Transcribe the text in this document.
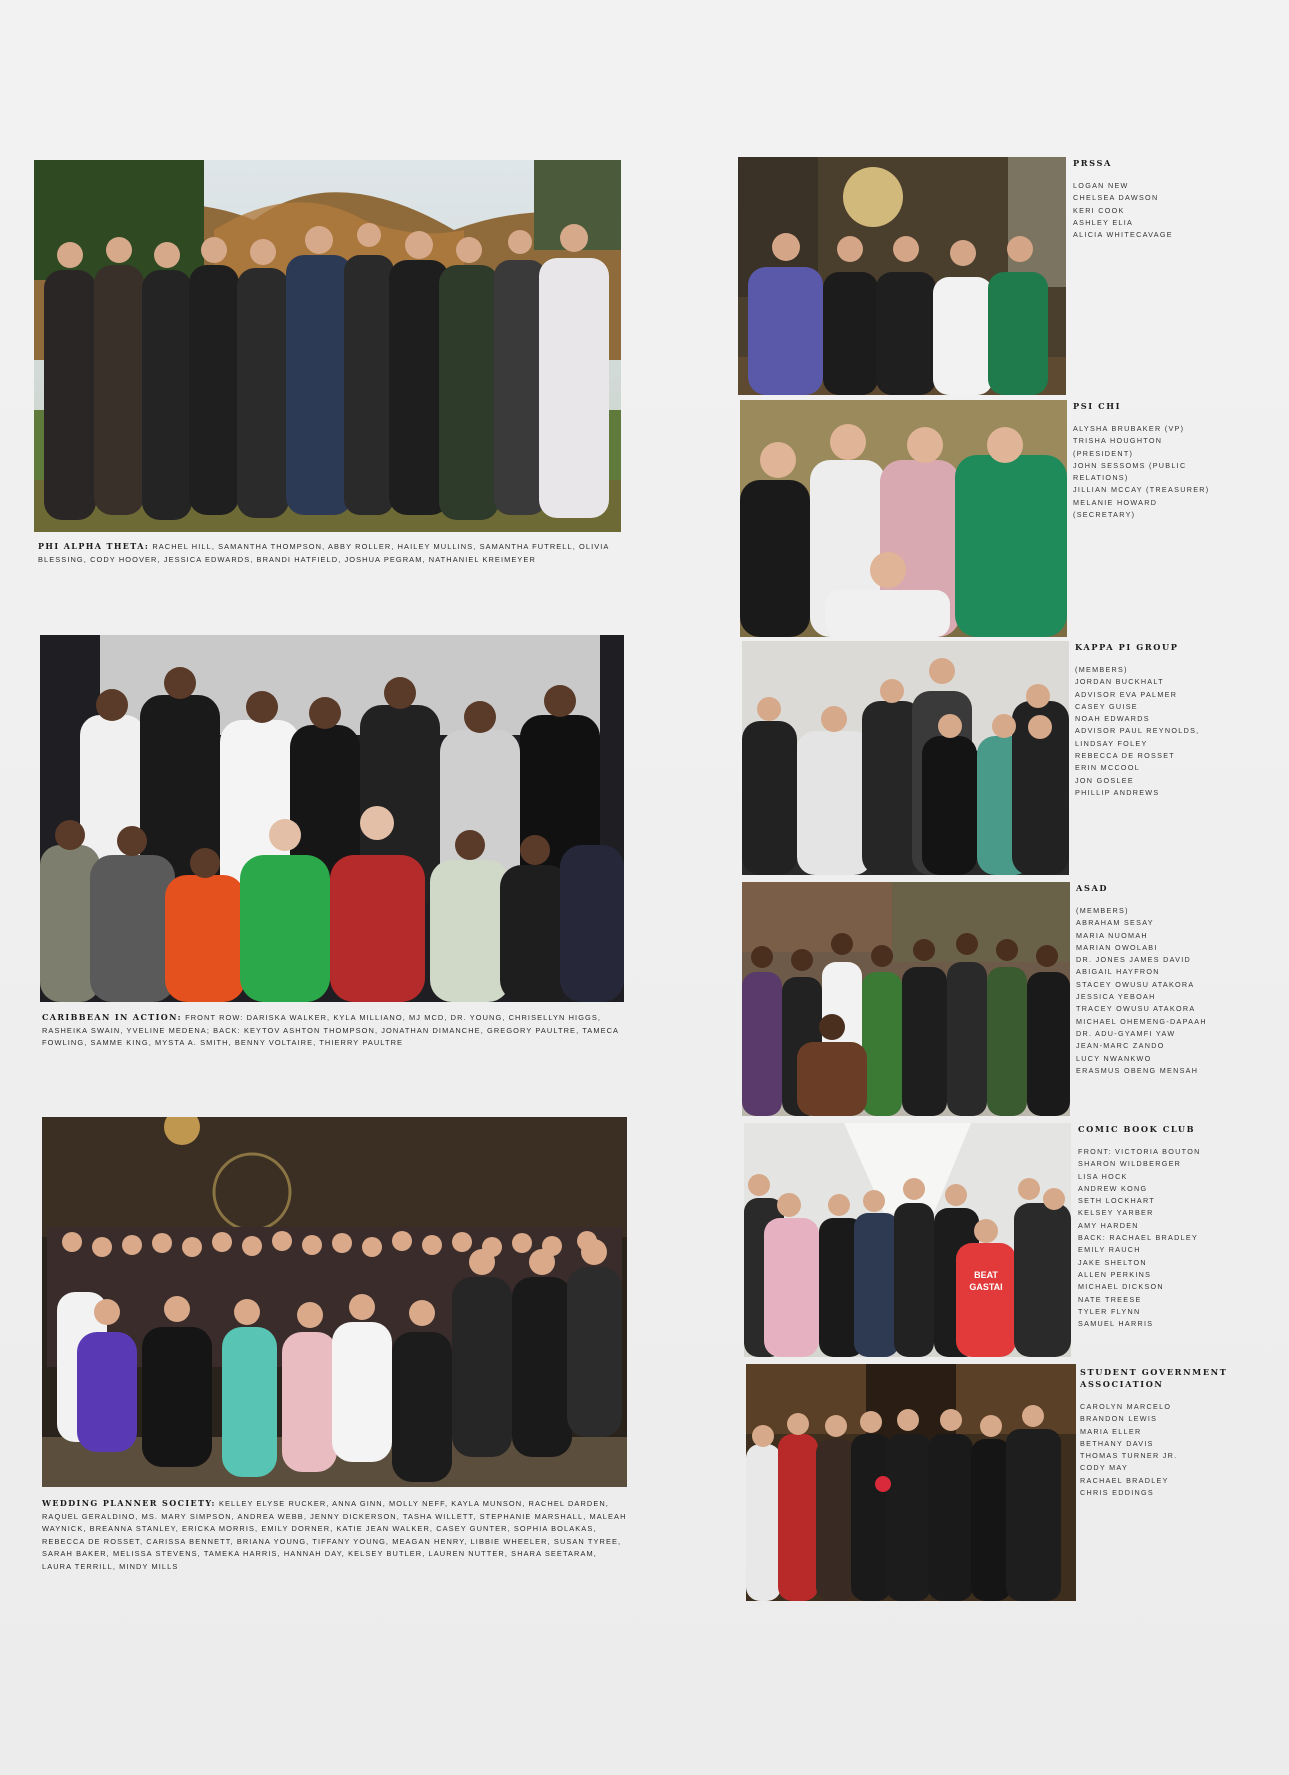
PHI ALPHA THETA: RACHEL HILL, SAMANTHA THOMPSON, ABBY ROLLER, HAILEY MULLINS, SAMANTHA FUTRELL, OLIVIA BLESSING, CODY HOOVER, JESSICA EDWARDS, BRANDI HATFIELD, JOSHUA PEGRAM, NATHANIEL KREIMEYER
CARIBBEAN IN ACTION: FRONT ROW: DARISKA WALKER, KYLA MILLIANO, MJ MCD, DR. YOUNG, CHRISELLYN HIGGS, RASHEIKA SWAIN, YVELINE MEDENA; BACK: KEYTOV ASHTON THOMPSON, JONATHAN DIMANCHE, GREGORY PAULTRE, TAMECA FOWLING, SAMME KING, MYSTA A. SMITH, BENNY VOLTAIRE, THIERRY PAULTRE
WEDDING PLANNER SOCIETY: KELLEY ELYSE RUCKER, ANNA GINN, MOLLY NEFF, KAYLA MUNSON, RACHEL DARDEN, RAQUEL GERALDINO, MS. MARY SIMPSON, ANDREA WEBB, JENNY DICKERSON, TASHA WILLETT, STEPHANIE MARSHALL, MALEAH WAYNICK, BREANNA STANLEY, ERICKA MORRIS, EMILY DORNER, KATIE JEAN WALKER, CASEY GUNTER, SOPHIA BOLAKAS, REBECCA DE ROSSET, CARISSA BENNETT, BRIANA YOUNG, TIFFANY YOUNG, MEAGAN HENRY, LIBBIE WHEELER, SUSAN TYREE, SARAH BAKER, MELISSA STEVENS, TAMEKA HARRIS, HANNAH DAY, KELSEY BUTLER, LAUREN NUTTER, SHARA SEETARAM, LAURA TERRILL, MINDY MILLS
BEAT
GASTAI
PRSSA
LOGAN NEW
CHELSEA DAWSON
KERI COOK
ASHLEY ELIA
ALICIA WHITECAVAGE
PSI CHI
ALYSHA BRUBAKER (VP)
TRISHA HOUGHTON
(PRESIDENT)
JOHN SESSOMS (PUBLIC
RELATIONS)
JILLIAN MCCAY (TREASURER)
MELANIE HOWARD
(SECRETARY)
KAPPA PI GROUP
(MEMBERS)
JORDAN BUCKHALT
ADVISOR EVA PALMER
CASEY GUISE
NOAH EDWARDS
ADVISOR PAUL REYNOLDS,
LINDSAY FOLEY
REBECCA DE ROSSET
ERIN MCCOOL
JON GOSLEE
PHILLIP ANDREWS
ASAD
(MEMBERS)
ABRAHAM SESAY
MARIA NUOMAH
MARIAN OWOLABI
DR. JONES JAMES DAVID
ABIGAIL HAYFRON
STACEY OWUSU ATAKORA
JESSICA YEBOAH
TRACEY OWUSU ATAKORA
MICHAEL OHEMENG-DAPAAH
DR. ADU-GYAMFI YAW
JEAN-MARC ZANDO
LUCY NWANKWO
ERASMUS OBENG MENSAH
COMIC BOOK CLUB
FRONT: VICTORIA BOUTON
SHARON WILDBERGER
LISA HOCK
ANDREW KONG
SETH LOCKHART
KELSEY YARBER
AMY HARDEN
BACK: RACHAEL BRADLEY
EMILY RAUCH
JAKE SHELTON
ALLEN PERKINS
MICHAEL DICKSON
NATE TREESE
TYLER FLYNN
SAMUEL HARRIS
STUDENT GOVERNMENT ASSOCIATION
CAROLYN MARCELO
BRANDON LEWIS
MARIA ELLER
BETHANY DAVIS
THOMAS TURNER JR.
CODY MAY
RACHAEL BRADLEY
CHRIS EDDINGS
